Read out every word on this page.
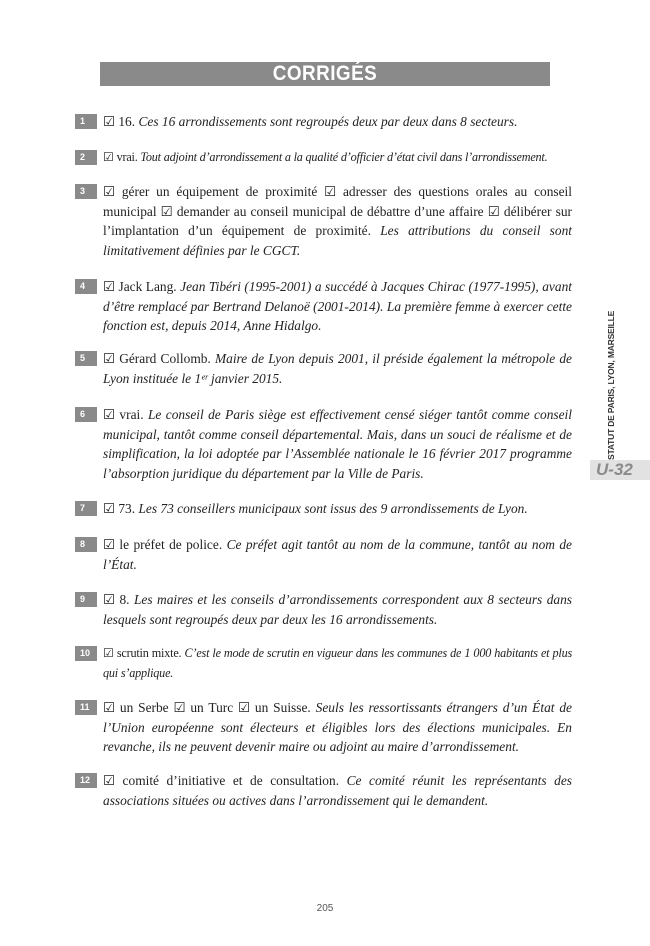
CORRIGÉS
1	☑ 16. Ces 16 arrondissements sont regroupés deux par deux dans 8 secteurs.
2	☑ vrai. Tout adjoint d’arrondissement a la qualité d’officier d’état civil dans l’arrondissement.
3	☑ gérer un équipement de proximité ☑ adresser des questions orales au conseil municipal ☑ demander au conseil municipal de débattre d’une affaire ☑ délibérer sur l’implantation d’un équipement de proximité. Les attributions du conseil sont limitativement définies par le CGCT.
4	☑ Jack Lang. Jean Tibéri (1995-2001) a succédé à Jacques Chirac (1977-1995), avant d’être remplacé par Bertrand Delanoë (2001-2014). La première femme à exercer cette fonction est, depuis 2014, Anne Hidalgo.
5	☑ Gérard Collomb. Maire de Lyon depuis 2001, il préside également la métropole de Lyon instituée le 1ᵉʳ janvier 2015.
6	☑ vrai. Le conseil de Paris siège est effectivement censé siéger tantôt comme conseil municipal, tantôt comme conseil départemental. Mais, dans un souci de réalisme et de simplification, la loi adoptée par l’Assemblée nationale le 16 février 2017 programme l’absorption juridique du département par la Ville de Paris.
7	☑ 73. Les 73 conseillers municipaux sont issus des 9 arrondissements de Lyon.
8	☑ le préfet de police. Ce préfet agit tantôt au nom de la commune, tantôt au nom de l’État.
9	☑ 8. Les maires et les conseils d’arrondissements correspondent aux 8 secteurs dans lesquels sont regroupés deux par deux les 16 arrondissements.
10	☑ scrutin mixte. C’est le mode de scrutin en vigueur dans les communes de 1 000 habitants et plus qui s’applique.
11	☑ un Serbe ☑ un Turc ☑ un Suisse. Seuls les ressortissants étrangers d’un État de l’Union européenne sont électeurs et éligibles lors des élections municipales. En revanche, ils ne peuvent devenir maire ou adjoint au maire d’arrondissement.
12 ☑ comité d’initiative et de consultation. Ce comité réunit les représentants des associations situées ou actives dans l’arrondissement qui le demandent.
U-32
STATUT DE PARIS, LYON, MARSEILLE
205
